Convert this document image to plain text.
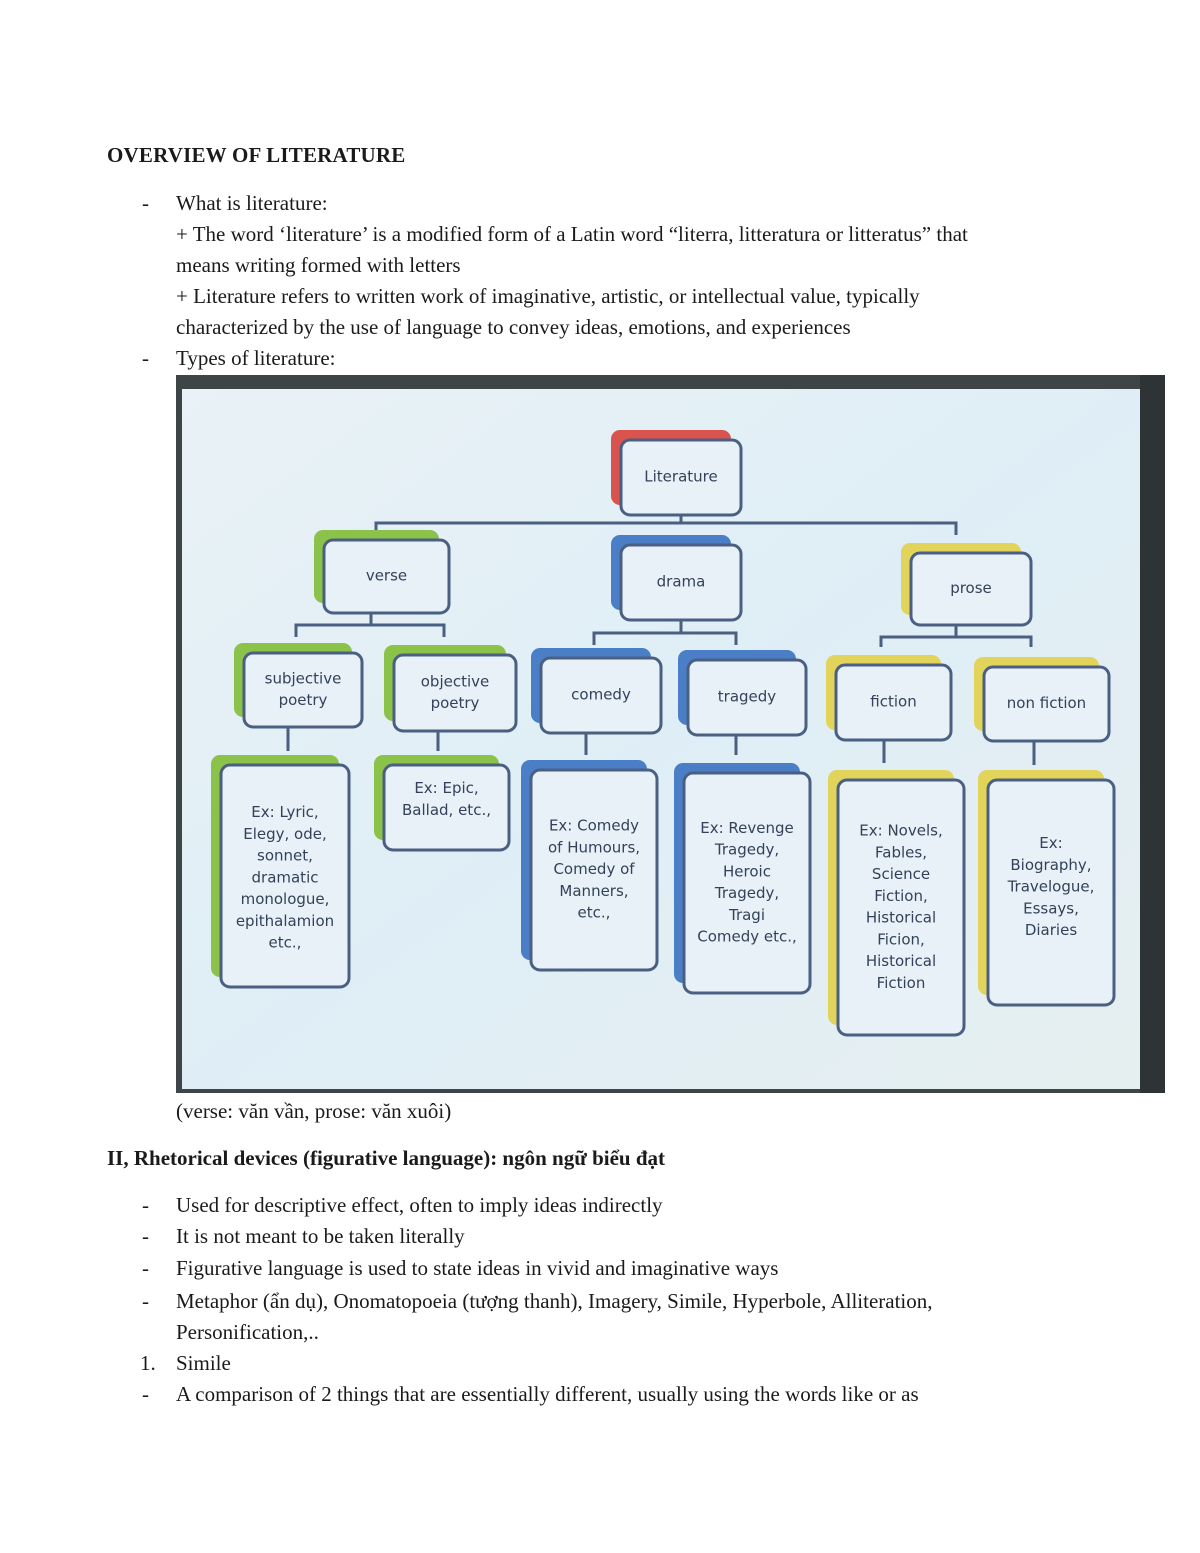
OVERVIEW OF LITERATURE
- What is literature:
+ The word ‘literature’ is a modified form of a Latin word “literra, litteratura or litteratus” that
means writing formed with letters
+ Literature refers to written work of imaginative, artistic, or intellectual value, typically
characterized by the use of language to convey ideas, emotions, and experiences
- Types of literature:
Literature
verse	drama	prose
subjective
poetry
objective
poetry	comedy	tragedy	fiction	non fiction
Ex: Lyric,
Elegy, ode,
sonnet,
dramatic
monologue,
epithalamion
etc.,
Ex: Epic,
Ballad, etc.,
Ex: Comedy
of Humours,
Comedy of
Manners,
etc.,
Ex: Revenge
Tragedy,
Heroic
Tragedy,
Tragi
Comedy etc.,
Ex: Novels,
Fables,
Science
Fiction,
Historical
Ficion,
Historical
Fiction
Ex:
Biography,
Travelogue,
Essays,
Diaries
(verse: văn vần, prose: văn xuôi)
II, Rhetorical devices (figurative language): ngôn ngữ biểu đạt
- Used for descriptive effect, often to imply ideas indirectly
- It is not meant to be taken literally
- Figurative language is used to state ideas in vivid and imaginative ways
- Metaphor (ẩn dụ), Onomatopoeia (tượng thanh), Imagery, Simile, Hyperbole, Alliteration,
Personification,..
1. Simile
- A comparison of 2 things that are essentially different, usually using the words like or as
